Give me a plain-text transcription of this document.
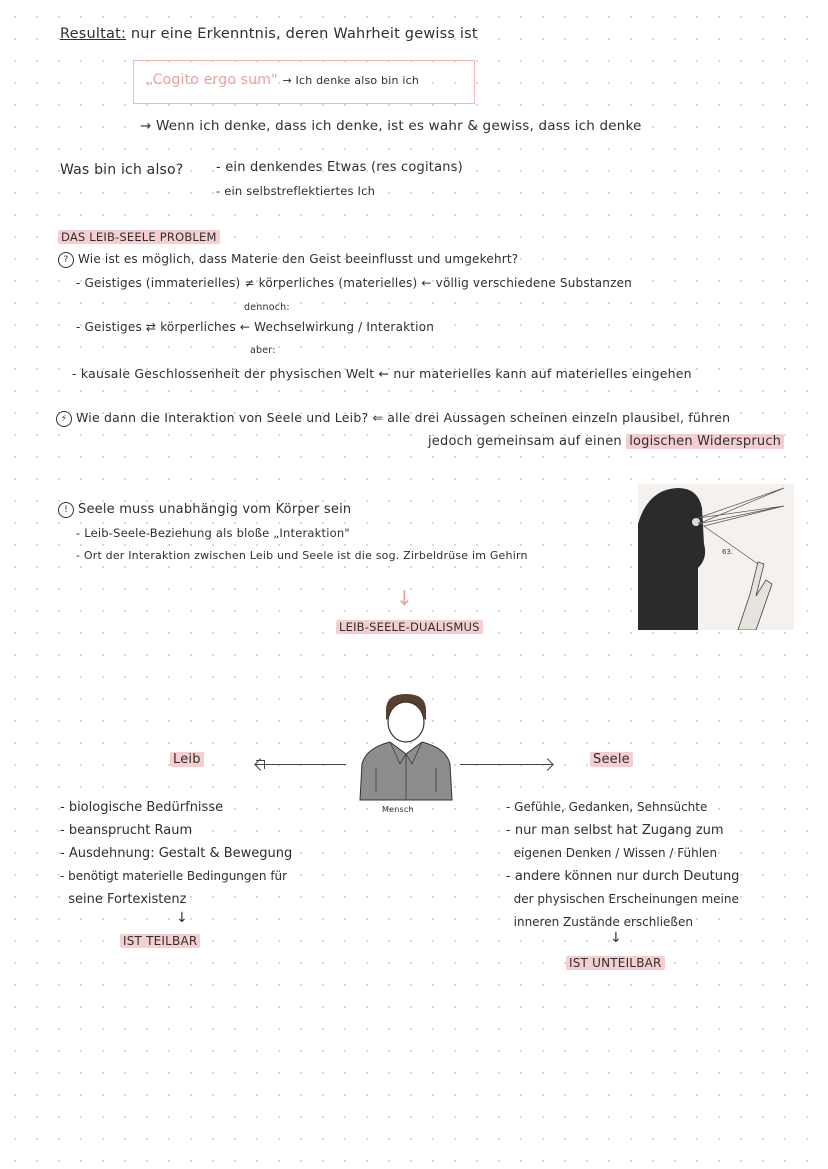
Resultat: nur eine Erkenntnis, deren Wahrheit gewiss ist
„Cogito ergo sum" → Ich denke also bin ich
→ Wenn ich denke, dass ich denke, ist es wahr & gewiss, dass ich denke
Was bin ich also?	- ein denkendes Etwas (res cogitans)
- ein selbstreflektiertes Ich
DAS LEIB-SEELE PROBLEM
? Wie ist es möglich, dass Materie den Geist beeinflusst und umgekehrt?
- Geistiges (immaterielles) ≠ körperliches (materielles) ← völlig verschiedene Substanzen
dennoch:
- Geistiges ⇄ körperliches ← Wechselwirkung / Interaktion
aber:
- kausale Geschlossenheit der physischen Welt ← nur materielles kann auf materielles eingehen
⚡ Wie dann die Interaktion von Seele und Leib? ⇐ alle drei Aussagen scheinen einzeln plausibel, führen
jedoch gemeinsam auf einen logischen Widerspruch
! Seele muss unabhängig vom Körper sein
- Leib-Seele-Beziehung als bloße „Interaktion"
- Ort der Interaktion zwischen Leib und Seele ist die sog. Zirbeldrüse im Gehirn	63.
↓
LEIB-SEELE-DUALISMUS
Mensch
Leib	Seele
- biologische Bedürfnisse
- beansprucht Raum
- Ausdehnung: Gestalt & Bewegung
- benötigt materielle Bedingungen für
seine Fortexistenz
↓
IST TEILBAR
- Gefühle, Gedanken, Sehnsüchte
- nur man selbst hat Zugang zum
eigenen Denken / Wissen / Fühlen
- andere können nur durch Deutung
der physischen Erscheinungen meine
inneren Zustände erschließen
↓
IST UNTEILBAR
